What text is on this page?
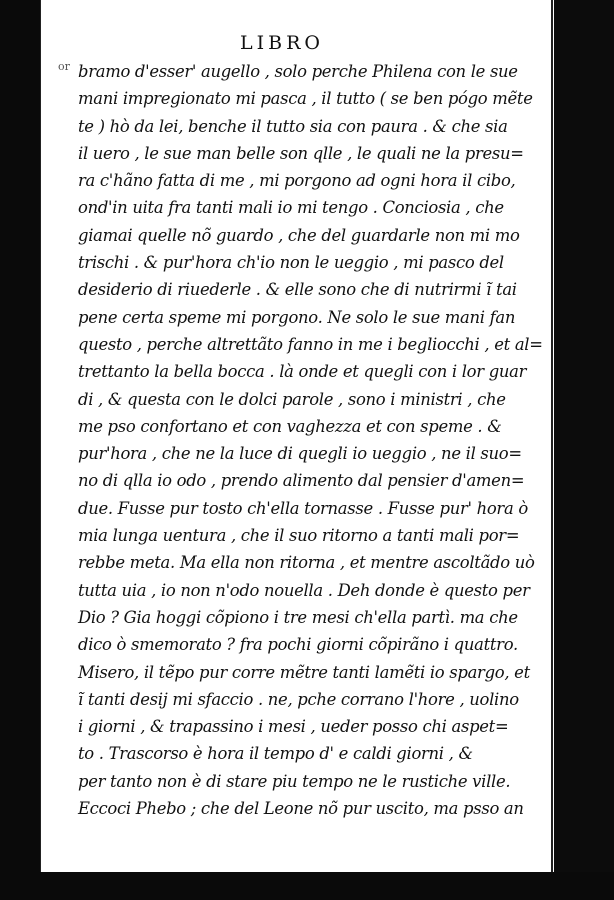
LIBRO
or bramo d'esser' augello , solo perche Philena con le sue
mani impregionato mi pasca , il tutto ( se ben pógo mẽte
te ) hò da lei, benche il tutto sia con paura . & che sia
il uero , le sue man belle son qlle , le quali ne la presu=
ra c'hãno fatta di me , mi porgono ad ogni hora il cibo,
ond'in uita fra tanti mali io mi tengo . Conciosia , che
giamai quelle nõ guardo , che del guardarle non mi mo
trischi . & pur'hora ch'io non le ueggio , mi pasco del
desiderio di riuederle . & elle sono che di nutrirmi ĩ tai
pene certa speme mi porgono. Ne solo le sue mani fan
questo , perche altrettãto fanno in me i begliocchi , et al=
trettanto la bella bocca . là onde et quegli con i lor guar
di , & questa con le dolci parole , sono i ministri , che
me pso confortano et con vaghezza et con speme . &
pur'hora , che ne la luce di quegli io ueggio , ne il suo=
no di qlla io odo , prendo alimento dal pensier d'amen=
due. Fusse pur tosto ch'ella tornasse . Fusse pur' hora ò
mia lunga uentura , che il suo ritorno a tanti mali por=
rebbe meta. Ma ella non ritorna , et mentre ascoltãdo uò
tutta uia , io non n'odo nouella . Deh donde è questo per
Dio ? Gia hoggi cõpiono i tre mesi ch'ella partì. ma che
dico ò smemorato ? fra pochi giorni cõpirãno i quattro.
Misero, il tẽpo pur corre mẽtre tanti lamẽti io spargo, et
ĩ tanti desij mi sfaccio . ne, pche corrano l'hore , uolino
i giorni , & trapassino i mesi , ueder posso chi aspet=
to . Trascorso è hora il tempo d' e caldi giorni , &
per tanto non è di stare piu tempo ne le rustiche ville.
Eccoci Phebo ; che del Leone nõ pur uscito, ma psso an
